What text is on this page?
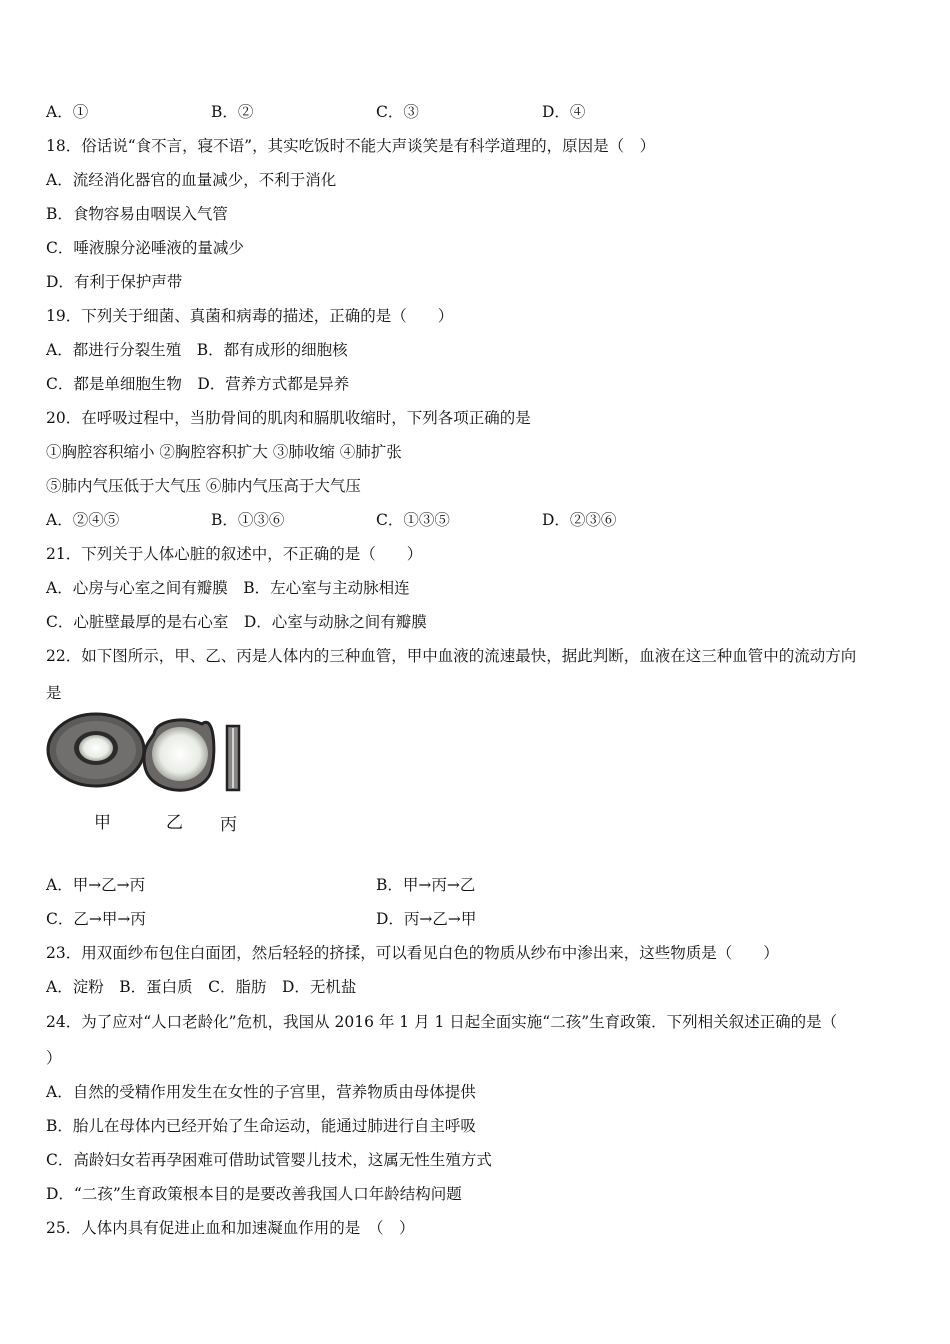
A．①	B．②	C．③	D．④
18．俗话说“食不言，寝不语”，其实吃饭时不能大声谈笑是有科学道理的，原因是（　）
A．流经消化器官的血量减少，不利于消化
B．食物容易由咽误入气管
C．唾液腺分泌唾液的量减少
D．有利于保护声带
19．下列关于细菌、真菌和病毒的描述，正确的是（　　）
A．都进行分裂生殖　B．都有成形的细胞核
C．都是单细胞生物　D．营养方式都是异养
20．在呼吸过程中，当肋骨间的肌肉和膈肌收缩时，下列各项正确的是
①胸腔容积缩小 ②胸腔容积扩大 ③肺收缩 ④肺扩张
⑤肺内气压低于大气压 ⑥肺内气压高于大气压
A．②④⑤	B．①③⑥	C．①③⑤	D．②③⑥
21．下列关于人体心脏的叙述中，不正确的是（　　）
A．心房与心室之间有瓣膜　B．左心室与主动脉相连
C．心脏壁最厚的是右心室　D．心室与动脉之间有瓣膜
22．如下图所示，甲、乙、丙是人体内的三种血管，甲中血液的流速最快，据此判断，血液在这三种血管中的流动方向
是
甲	乙 丙
A．甲→乙→丙	B．甲→丙→乙
C．乙→甲→丙	D．丙→乙→甲
23．用双面纱布包住白面团，然后轻轻的挤揉，可以看见白色的物质从纱布中渗出来，这些物质是（　　）
A．淀粉　B．蛋白质　C．脂肪　D．无机盐
24．为了应对“人口老龄化”危机，我国从 2016 年 1 月 1 日起全面实施“二孩”生育政策．下列相关叙述正确的是（
）
A．自然的受精作用发生在女性的子宫里，营养物质由母体提供
B．胎儿在母体内已经开始了生命运动，能通过肺进行自主呼吸
C．高龄妇女若再孕困难可借助试管婴儿技术，这属无性生殖方式
D．“二孩”生育政策根本目的是要改善我国人口年龄结构问题
25．人体内具有促进止血和加速凝血作用的是　（　）
